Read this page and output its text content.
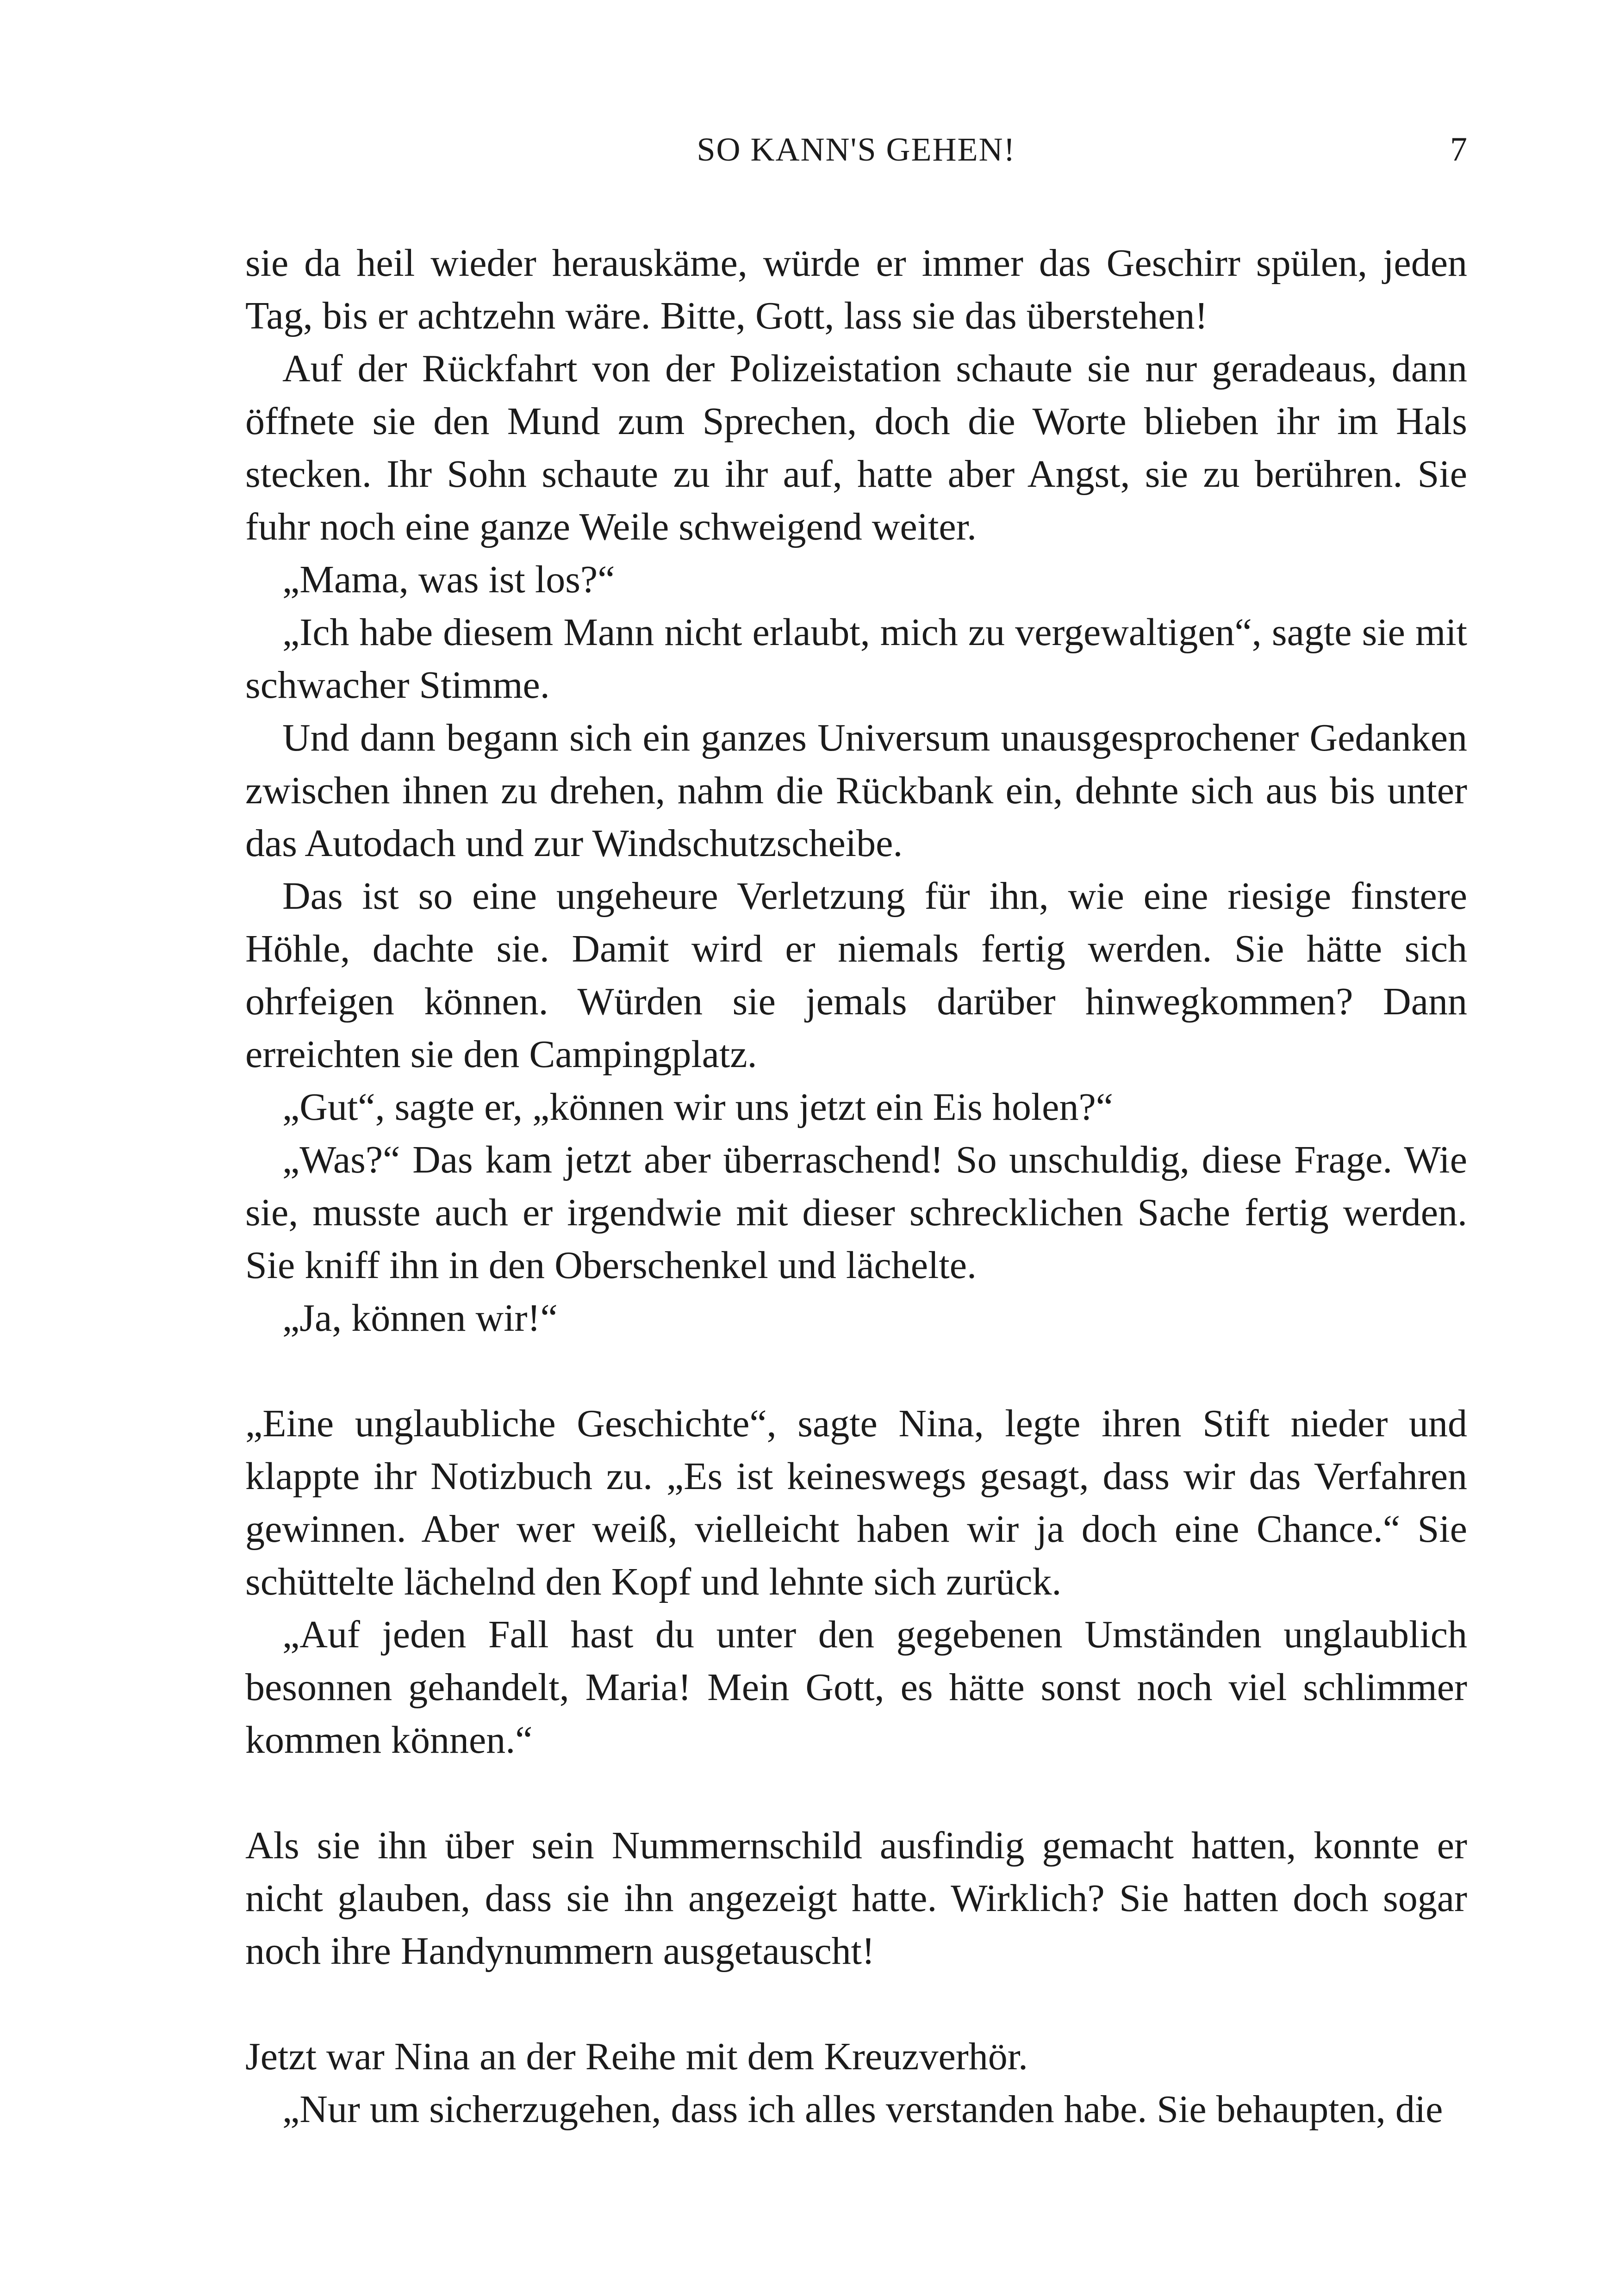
SO KANN'S GEHEN!	7

sie da heil wieder herauskäme, würde er immer das Geschirr spülen, jeden Tag, bis er achtzehn wäre. Bitte, Gott, lass sie das überstehen!

Auf der Rückfahrt von der Polizeistation schaute sie nur geradeaus, dann öffnete sie den Mund zum Sprechen, doch die Worte blieben ihr im Hals stecken. Ihr Sohn schaute zu ihr auf, hatte aber Angst, sie zu berühren. Sie fuhr noch eine ganze Weile schweigend weiter.

„Mama, was ist los?“

„Ich habe diesem Mann nicht erlaubt, mich zu vergewaltigen“, sagte sie mit schwacher Stimme.

Und dann begann sich ein ganzes Universum unausgesprochener Gedanken zwischen ihnen zu drehen, nahm die Rückbank ein, dehnte sich aus bis unter das Autodach und zur Windschutzscheibe.

Das ist so eine ungeheure Verletzung für ihn, wie eine riesige finstere Höhle, dachte sie. Damit wird er niemals fertig werden. Sie hätte sich ohrfeigen können. Würden sie jemals darüber hinwegkommen? Dann erreichten sie den Campingplatz.

„Gut“, sagte er, „können wir uns jetzt ein Eis holen?“

„Was?“ Das kam jetzt aber überraschend! So unschuldig, diese Frage. Wie sie, musste auch er irgendwie mit dieser schrecklichen Sache fertig werden. Sie kniff ihn in den Oberschenkel und lächelte.

„Ja, können wir!“

„Eine unglaubliche Geschichte“, sagte Nina, legte ihren Stift nieder und klappte ihr Notizbuch zu. „Es ist keineswegs gesagt, dass wir das Verfahren gewinnen. Aber wer weiß, vielleicht haben wir ja doch eine Chance.“ Sie schüttelte lächelnd den Kopf und lehnte sich zurück.

„Auf jeden Fall hast du unter den gegebenen Umständen unglaublich besonnen gehandelt, Maria! Mein Gott, es hätte sonst noch viel schlimmer kommen können.“

Als sie ihn über sein Nummernschild ausfindig gemacht hatten, konnte er nicht glauben, dass sie ihn angezeigt hatte. Wirklich? Sie hatten doch sogar noch ihre Handynummern ausgetauscht!

Jetzt war Nina an der Reihe mit dem Kreuzverhör.

„Nur um sicherzugehen, dass ich alles verstanden habe. Sie behaupten, die
